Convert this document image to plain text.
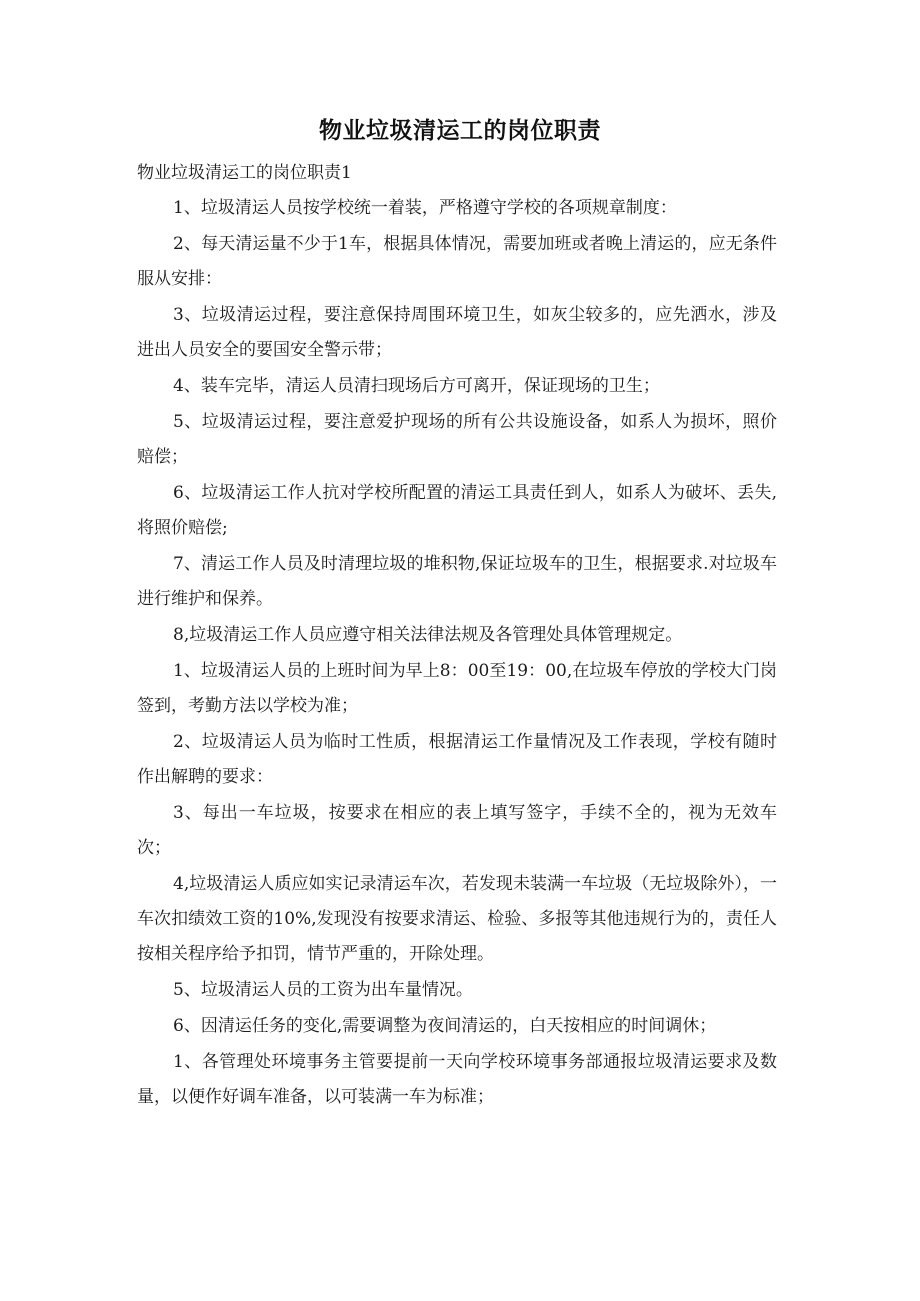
物业垃圾清运工的岗位职责
物业垃圾清运工的岗位职责1

1、垃圾清运人员按学校统一着装，严格遵守学校的各项规章制度：

2、每天清运量不少于1车，根据具体情况，需要加班或者晚上清运的，应无条件服从安排：

3、垃圾清运过程，要注意保持周围环境卫生，如灰尘较多的，应先洒水，涉及进出人员安全的要国安全警示带；

4、装车完毕，清运人员清扫现场后方可离开，保证现场的卫生；

5、垃圾清运过程，要注意爱护现场的所有公共设施设备，如系人为损坏，照价赔偿；

6、垃圾清运工作人抗对学校所配置的清运工具责任到人，如系人为破坏、丢失,将照价赔偿;

7、清运工作人员及时清理垃圾的堆积物,保证垃圾车的卫生，根据要求.对垃圾车进行维护和保养。

8,垃圾清运工作人员应遵守相关法律法规及各管理处具体管理规定。

1、垃圾清运人员的上班时间为早上8：00至19：00,在垃圾车停放的学校大门岗签到，考勤方法以学校为准；

2、垃圾清运人员为临时工性质，根据清运工作量情况及工作表现，学校有随时作出解聘的要求：

3、每出一车垃圾，按要求在相应的表上填写签字，手续不全的，视为无效车次；

4,垃圾清运人质应如实记录清运车次，若发现未装满一车垃圾（无垃圾除外），一车次扣绩效工资的10%,发现没有按要求清运、检验、多报等其他违规行为的，责任人按相关程序给予扣罚，情节严重的，开除处理。

5、垃圾清运人员的工资为出车量情况。

6、因清运任务的变化,需要调整为夜间清运的，白天按相应的时间调休；

1、各管理处环境事务主管要提前一天向学校环境事务部通报垃圾清运要求及数量，以便作好调车准备，以可装满一车为标准；
